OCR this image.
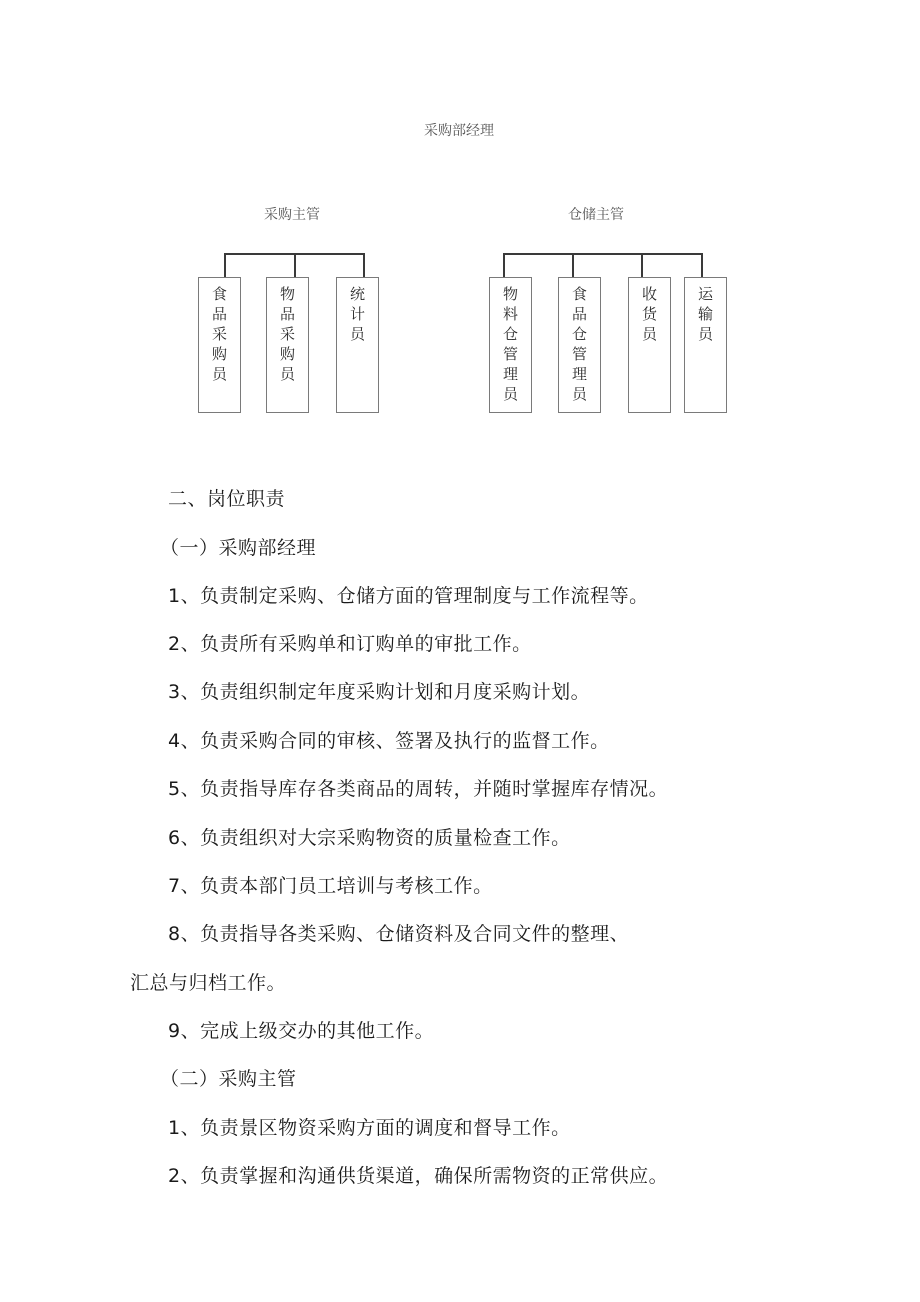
采购部经理
采购主管	仓储主管
食品采购员
物品采购员
统计员
物料仓管理员
食品仓管理员
收货员
运输员
二、岗位职责
（一）采购部经理
1、负责制定采购、仓储方面的管理制度与工作流程等。
2、负责所有采购单和订购单的审批工作。
3、负责组织制定年度采购计划和月度采购计划。
4、负责采购合同的审核、签署及执行的监督工作。
5、负责指导库存各类商品的周转，并随时掌握库存情况。
6、负责组织对大宗采购物资的质量检查工作。
7、负责本部门员工培训与考核工作。
8、负责指导各类采购、仓储资料及合同文件的整理、
汇总与归档工作。
9、完成上级交办的其他工作。
（二）采购主管
1、负责景区物资采购方面的调度和督导工作。
2、负责掌握和沟通供货渠道，确保所需物资的正常供应。
